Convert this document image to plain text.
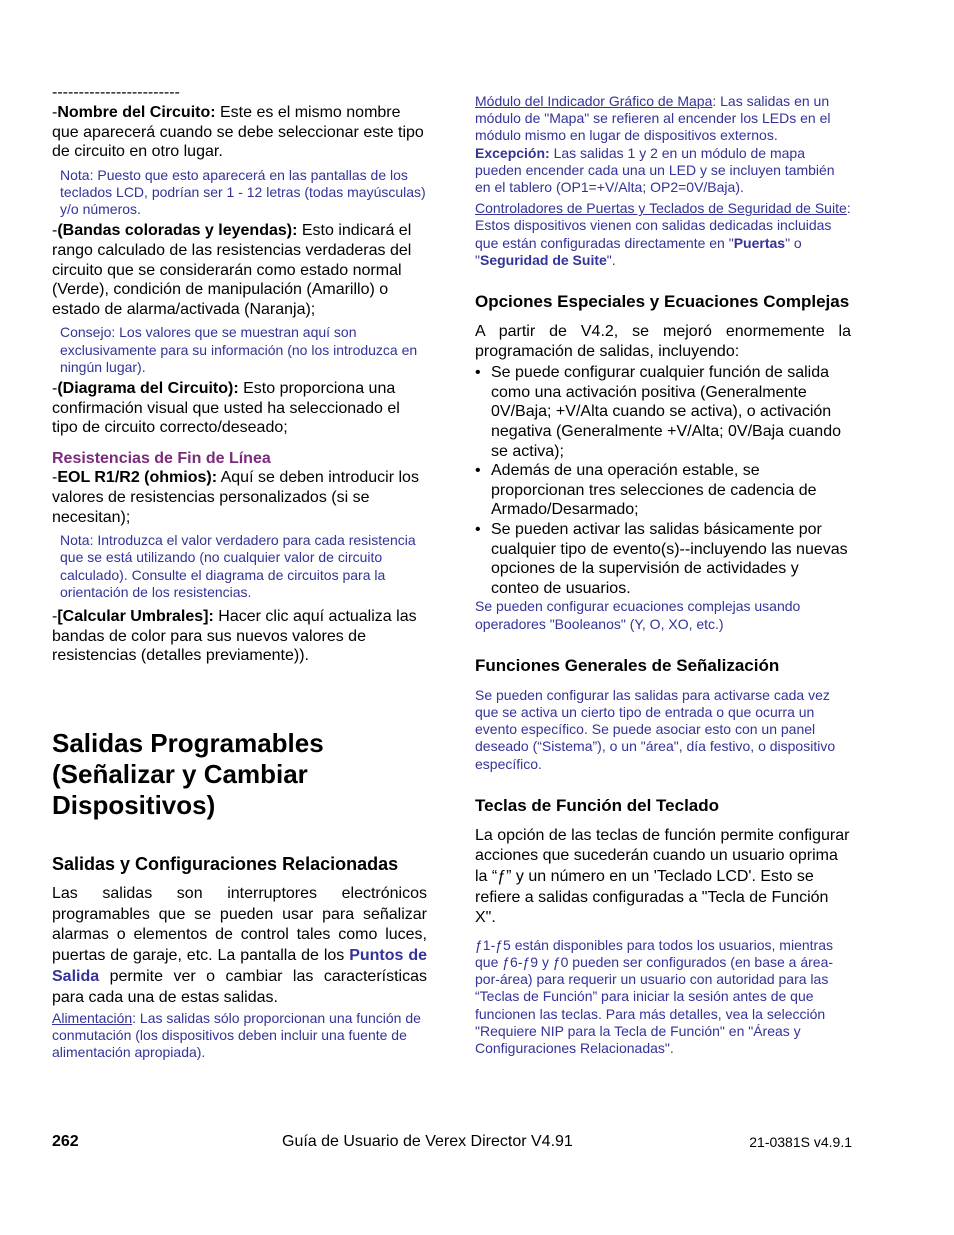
------------------------

-Nombre del Circuito: Este es el mismo nombre que aparecerá cuando se debe seleccionar este tipo de circuito en otro lugar.

Nota: Puesto que esto aparecerá en las pantallas de los teclados LCD, podrían ser 1 - 12 letras (todas mayúsculas) y/o números.

-(Bandas coloradas y leyendas): Esto indicará el rango calculado de las resistencias verdaderas del circuito que se considerarán como estado normal (Verde), condición de manipulación (Amarillo) o estado de alarma/activada (Naranja);

Consejo: Los valores que se muestran aquí son exclusivamente para su información (no los introduzca en ningún lugar).

-(Diagrama del Circuito): Esto proporciona una confirmación visual que usted ha seleccionado el tipo de circuito correcto/deseado;

Resistencias de Fin de Línea

-EOL R1/R2 (ohmios): Aquí se deben introducir los valores de resistencias personalizados (si se necesitan);

Nota: Introduzca el valor verdadero para cada resistencia que se está utilizando (no cualquier valor de circuito calculado). Consulte el diagrama de circuitos para la orientación de los resistencias.

-[Calcular Umbrales]: Hacer clic aquí actualiza las bandas de color para sus nuevos valores de resistencias (detalles previamente)).

Salidas Programables (Señalizar y Cambiar Dispositivos)

Salidas y Configuraciones Relacionadas

Las salidas son interruptores electrónicos programables que se pueden usar para señalizar alarmas o elementos de control tales como luces, puertas de garaje, etc. La pantalla de los Puntos de Salida permite ver o cambiar las características para cada una de estas salidas.

Alimentación: Las salidas sólo proporcionan una función de conmutación (los dispositivos deben incluir una fuente de alimentación apropiada).

Módulo del Indicador Gráfico de Mapa: Las salidas en un módulo de "Mapa" se refieren al encender los LEDs en el módulo mismo en lugar de dispositivos externos.
Excepción: Las salidas 1 y 2 en un módulo de mapa pueden encender cada una un LED y se incluyen también en el tablero (OP1=+V/Alta; OP2=0V/Baja).

Controladores de Puertas y Teclados de Seguridad de Suite: Estos dispositivos vienen con salidas dedicadas incluidas que están configuradas directamente en "Puertas" o "Seguridad de Suite".

Opciones Especiales y Ecuaciones Complejas

A partir de V4.2, se mejoró enormemente la programación de salidas, incluyendo:

• Se puede configurar cualquier función de salida como una activación positiva (Generalmente 0V/Baja; +V/Alta cuando se activa), o activación negativa (Generalmente +V/Alta; 0V/Baja cuando se activa);
• Además de una operación estable, se proporcionan tres selecciones de cadencia de Armado/Desarmado;
• Se pueden activar las salidas básicamente por cualquier tipo de evento(s)--incluyendo las nuevas opciones de la supervisión de actividades y conteo de usuarios.

Se pueden configurar ecuaciones complejas usando operadores "Booleanos" (Y, O, XO, etc.)

Funciones Generales de Señalización

Se pueden configurar las salidas para activarse cada vez que se activa un cierto tipo de entrada o que ocurra un evento específico. Se puede asociar esto con un panel deseado (“Sistema”), o un "área", día festivo, o dispositivo específico.

Teclas de Función del Teclado

La opción de las teclas de función permite configurar acciones que sucederán cuando un usuario oprima la “ƒ” y un número en un 'Teclado LCD'. Esto se refiere a salidas configuradas a "Tecla de Función X".

ƒ1-ƒ5 están disponibles para todos los usuarios, mientras que ƒ6-ƒ9 y ƒ0 pueden ser configurados (en base a área-por-área) para requerir un usuario con autoridad para las “Teclas de Función” para iniciar la sesión antes de que funcionen las teclas. Para más detalles, vea la selección "Requiere NIP para la Tecla de Función" en "Áreas y Configuraciones Relacionadas".

262	Guía de Usuario de Verex Director V4.91	21-0381S v4.9.1
